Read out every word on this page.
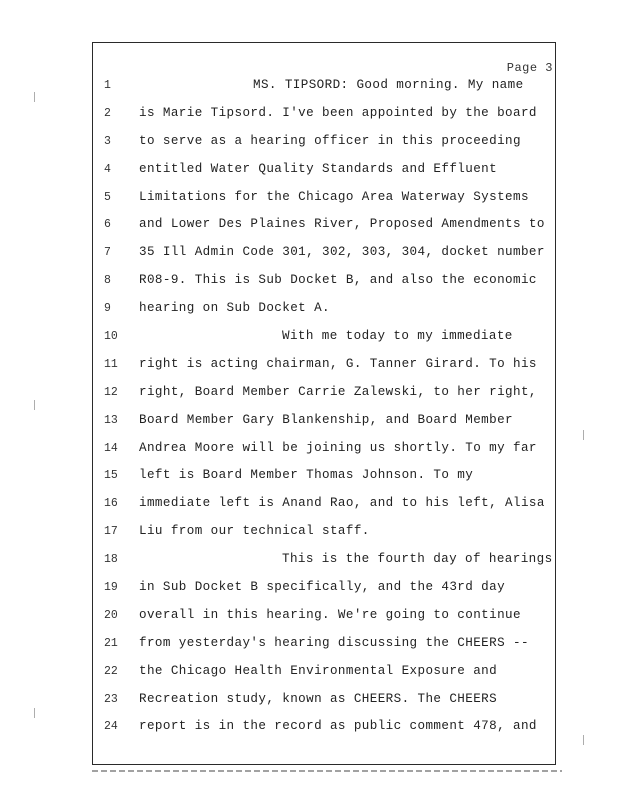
Page 3
1	MS. TIPSORD: Good morning. My name
2	is Marie Tipsord. I've been appointed by the board
3	to serve as a hearing officer in this proceeding
4	entitled Water Quality Standards and Effluent
5	Limitations for the Chicago Area Waterway Systems
6	and Lower Des Plaines River, Proposed Amendments to
7	35 Ill Admin Code 301, 302, 303, 304, docket number
8	R08-9. This is Sub Docket B, and also the economic
9	hearing on Sub Docket A.
10	With me today to my immediate
11	right is acting chairman, G. Tanner Girard. To his
12	right, Board Member Carrie Zalewski, to her right,
13	Board Member Gary Blankenship, and Board Member
14	Andrea Moore will be joining us shortly. To my far
15	left is Board Member Thomas Johnson. To my
16	immediate left is Anand Rao, and to his left, Alisa
17	Liu from our technical staff.
18	This is the fourth day of hearings
19	in Sub Docket B specifically, and the 43rd day
20	overall in this hearing. We're going to continue
21	from yesterday's hearing discussing the CHEERS --
22	the Chicago Health Environmental Exposure and
23	Recreation study, known as CHEERS. The CHEERS
24	report is in the record as public comment 478, and
